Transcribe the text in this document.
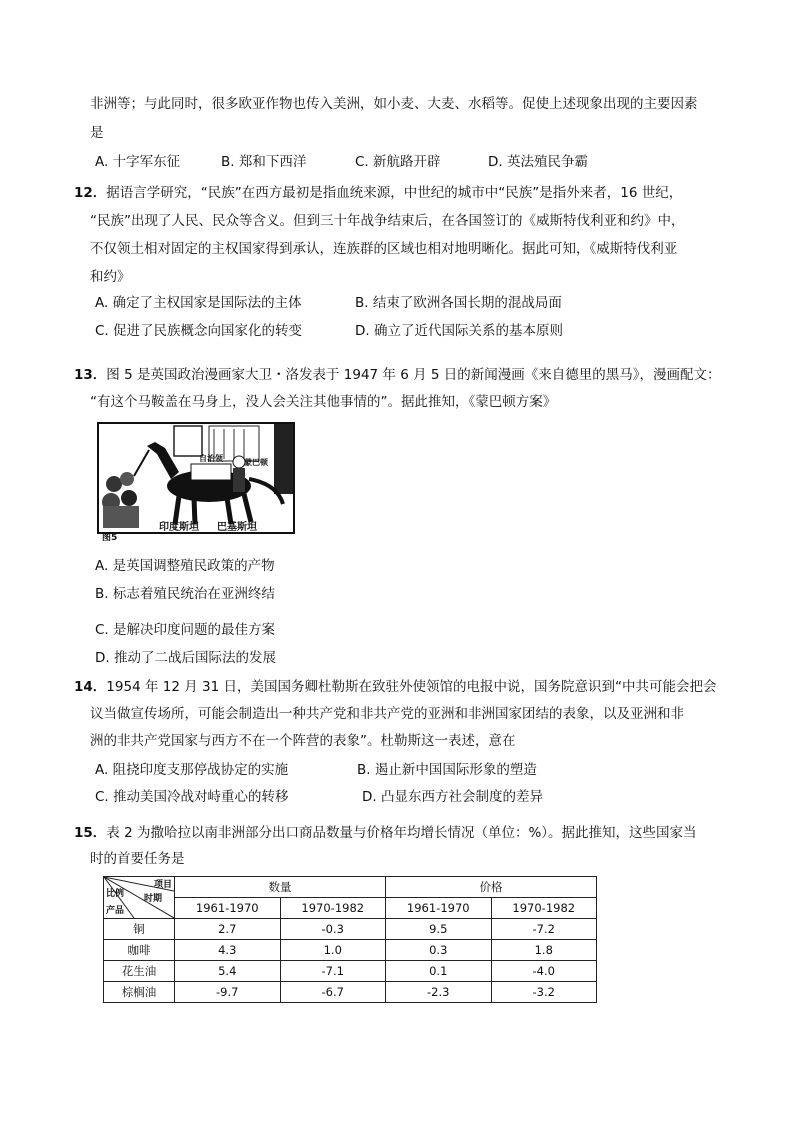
非洲等；与此同时，很多欧亚作物也传入美洲，如小麦、大麦、水稻等。促使上述现象出现的主要因素
是
A. 十字军东征	B. 郑和下西洋	C. 新航路开辟	D. 英法殖民争霸
12．据语言学研究，“民族”在西方最初是指血统来源，中世纪的城市中“民族”是指外来者，16 世纪，
“民族”出现了人民、民众等含义。但到三十年战争结束后，在各国签订的《威斯特伐利亚和约》中，
不仅领土相对固定的主权国家得到承认，连族群的区域也相对地明晰化。据此可知，《威斯特伐利亚
和约》
A. 确定了主权国家是国际法的主体	B. 结束了欧洲各国长期的混战局面
C. 促进了民族概念向国家化的转变	D. 确立了近代国际关系的基本原则
13．图 5 是英国政治漫画家大卫・洛发表于 1947 年 6 月 5 日的新闻漫画《来自德里的黑马》，漫画配文：
“有这个马鞍盖在马身上，没人会关注其他事情的”。据此推知，《蒙巴顿方案》
自治领	蒙巴顿
印度斯坦 巴基斯坦
图5
A. 是英国调整殖民政策的产物
B. 标志着殖民统治在亚洲终结
C. 是解决印度问题的最佳方案
D. 推动了二战后国际法的发展
14．1954 年 12 月 31 日，美国国务卿杜勒斯在致驻外使领馆的电报中说，国务院意识到“中共可能会把会
议当做宣传场所，可能会制造出一种共产党和非共产党的亚洲和非洲国家团结的表象，以及亚洲和非
洲的非共产党国家与西方不在一个阵营的表象”。杜勒斯这一表述，意在
A. 阻挠印度支那停战协定的实施	B. 遏止新中国国际形象的塑造
C. 推动美国冷战对峙重心的转移	D. 凸显东西方社会制度的差异
15．表 2 为撒哈拉以南非洲部分出口商品数量与价格年均增长情况（单位：%）。据此推知，这些国家当
时的首要任务是
项目
时期
比例
产品	数量		价格	
	1961-1970	1970-1982	1961-1970	1970-1982
铜	2.7	-0.3	9.5	-7.2
咖啡	4.3	1.0	0.3	1.8
花生油	5.4	-7.1	0.1	-4.0
棕榈油	-9.7	-6.7	-2.3	-3.2
